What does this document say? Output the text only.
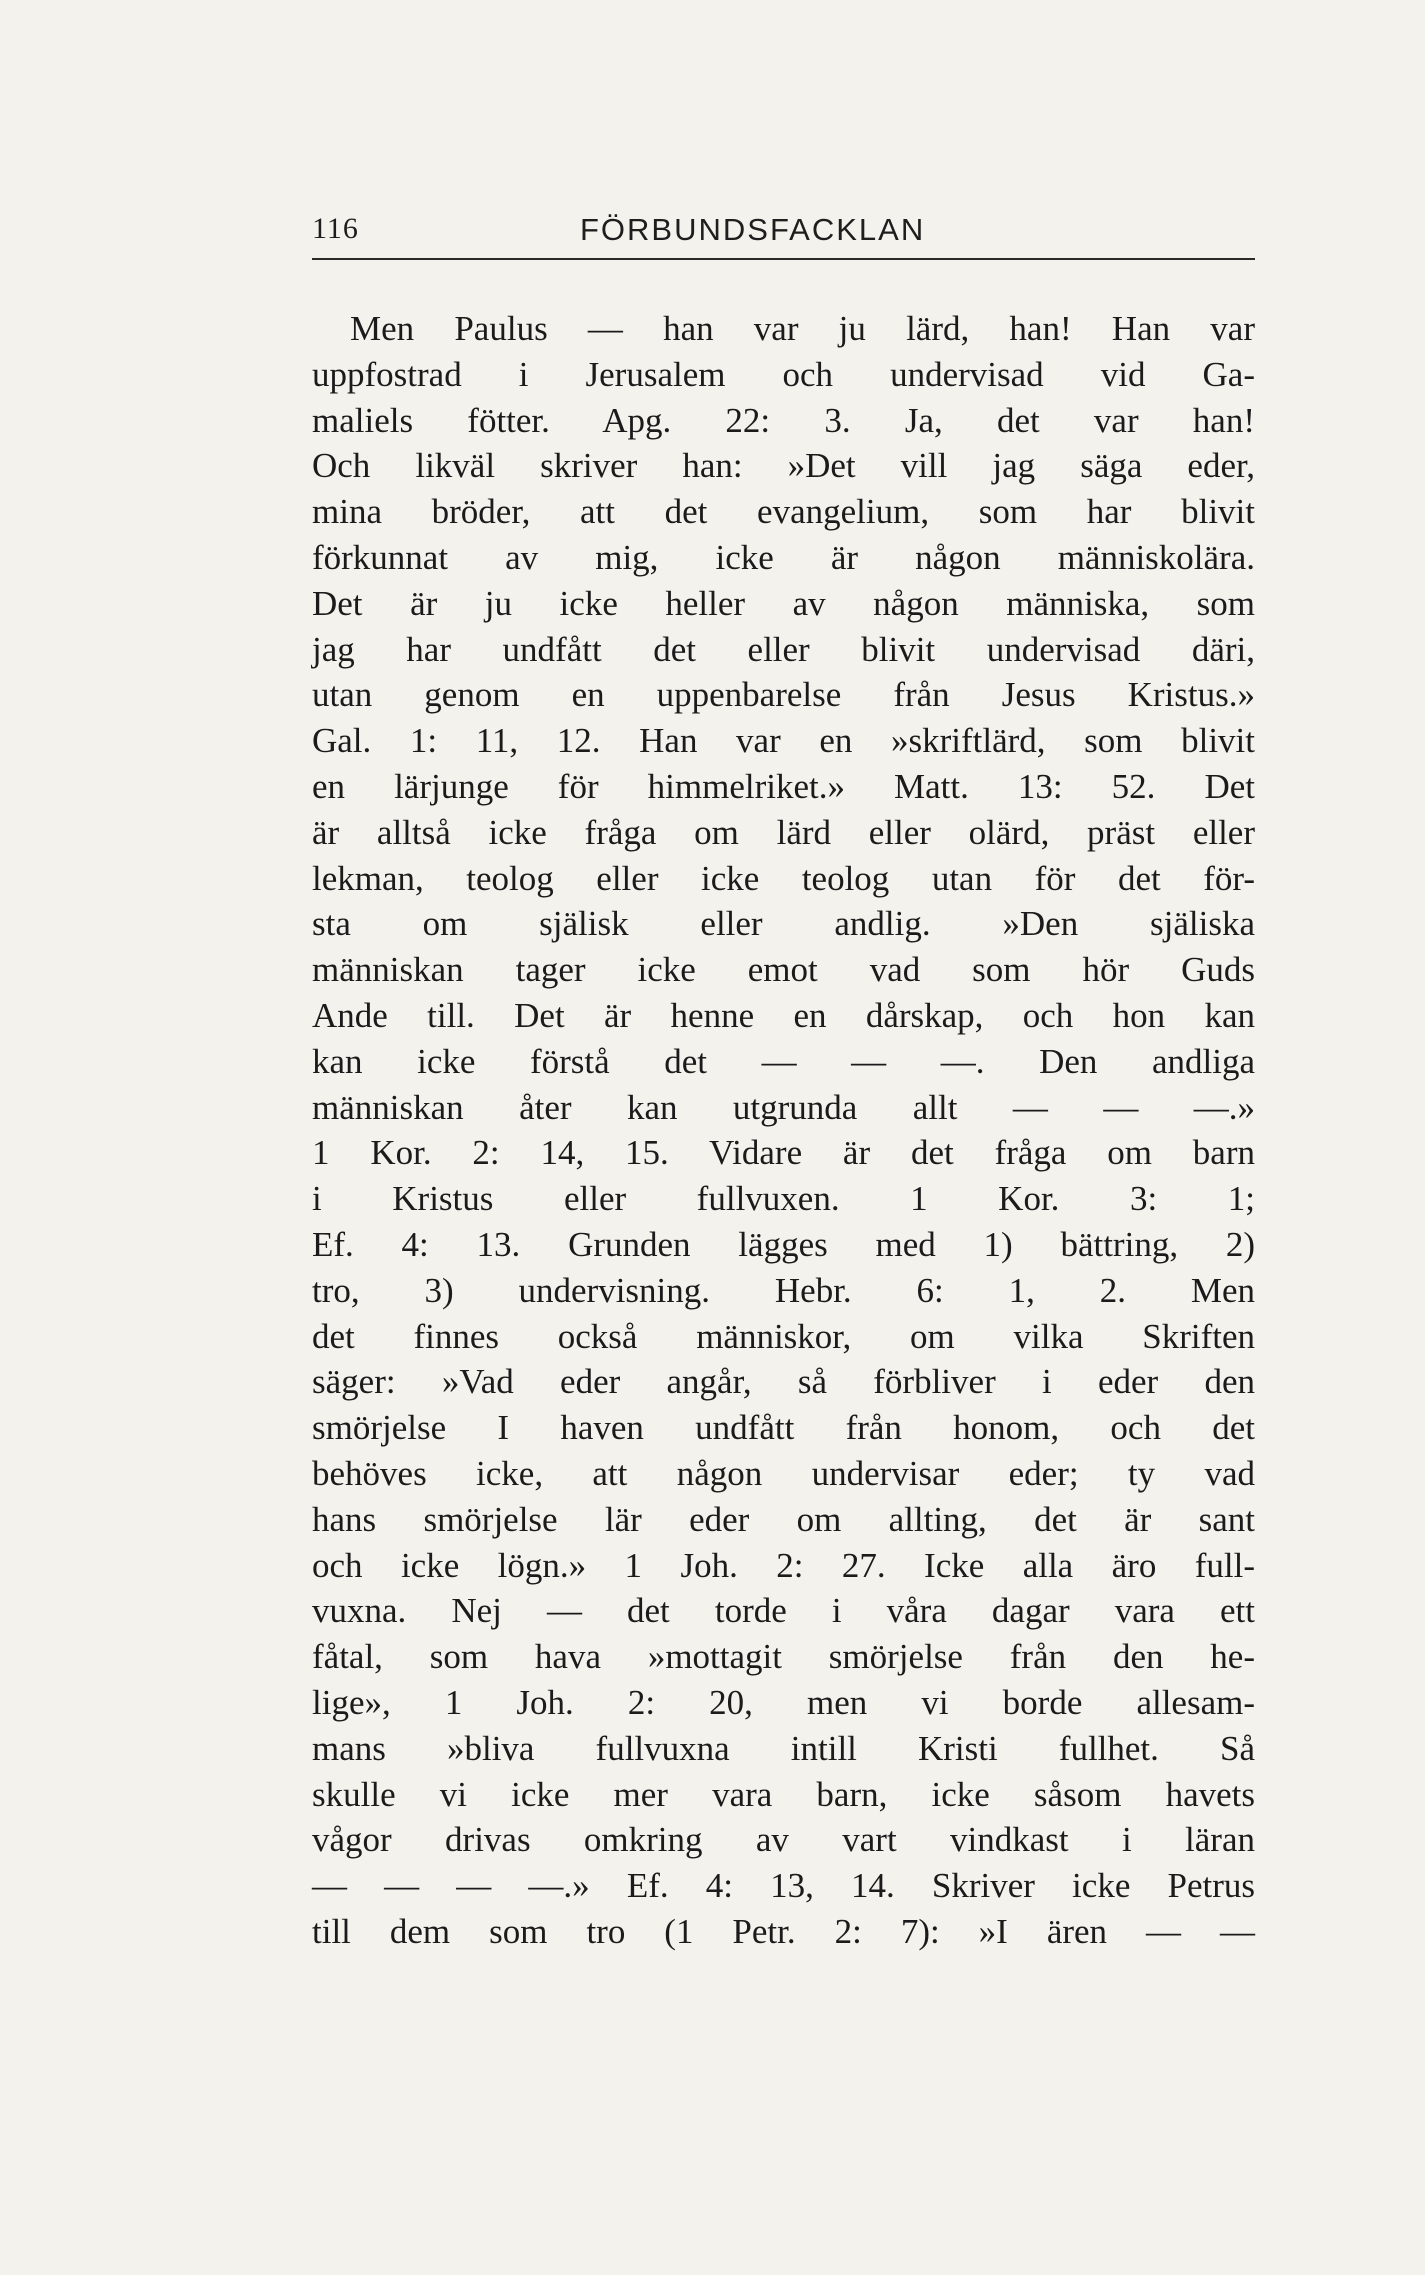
116	FÖRBUNDSFACKLAN
Men Paulus — han var ju lärd, han! Han var
uppfostrad i Jerusalem och undervisad vid Ga-
maliels fötter. Apg. 22: 3. Ja, det var han!
Och likväl skriver han: »Det vill jag säga eder,
mina bröder, att det evangelium, som har blivit
förkunnat av mig, icke är någon människolära.
Det är ju icke heller av någon människa, som
jag har undfått det eller blivit undervisad däri,
utan genom en uppenbarelse från Jesus Kristus.»
Gal. 1: 11, 12. Han var en »skriftlärd, som blivit
en lärjunge för himmelriket.» Matt. 13: 52. Det
är alltså icke fråga om lärd eller olärd, präst eller
lekman, teolog eller icke teolog utan för det för-
sta om själisk eller andlig. »Den själiska
människan tager icke emot vad som hör Guds
Ande till. Det är henne en dårskap, och hon kan
kan icke förstå det — — —. Den andliga
människan åter kan utgrunda allt — — —.»
1 Kor. 2: 14, 15. Vidare är det fråga om barn
i Kristus eller fullvuxen. 1 Kor. 3: 1;
Ef. 4: 13. Grunden lägges med 1) bättring, 2)
tro, 3) undervisning. Hebr. 6: 1, 2. Men
det finnes också människor, om vilka Skriften
säger: »Vad eder angår, så förbliver i eder den
smörjelse I haven undfått från honom, och det
behöves icke, att någon undervisar eder; ty vad
hans smörjelse lär eder om allting, det är sant
och icke lögn.» 1 Joh. 2: 27. Icke alla äro full-
vuxna. Nej — det torde i våra dagar vara ett
fåtal, som hava »mottagit smörjelse från den he-
lige», 1 Joh. 2: 20, men vi borde allesam-
mans »bliva fullvuxna intill Kristi fullhet. Så
skulle vi icke mer vara barn, icke såsom havets
vågor drivas omkring av vart vindkast i läran
— — — —.» Ef. 4: 13, 14. Skriver icke Petrus
till dem som tro (1 Petr. 2: 7): »I ären — —
